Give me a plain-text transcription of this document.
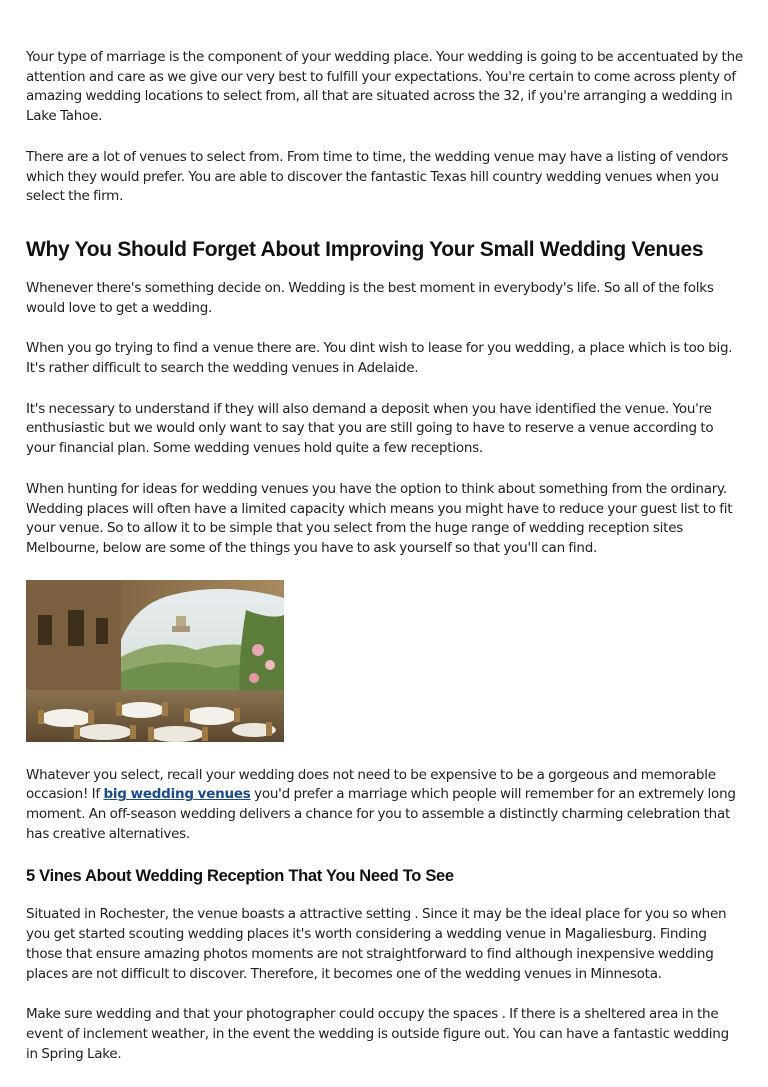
Your type of marriage is the component of your wedding place. Your wedding is going to be accentuated by the attention and care as we give our very best to fulfill your expectations. You're certain to come across plenty of amazing wedding locations to select from, all that are situated across the 32, if you're arranging a wedding in Lake Tahoe.

There are a lot of venues to select from. From time to time, the wedding venue may have a listing of vendors which they would prefer. You are able to discover the fantastic Texas hill country wedding venues when you select the firm.

Why You Should Forget About Improving Your Small Wedding Venues

Whenever there's something decide on. Wedding is the best moment in everybody's life. So all of the folks would love to get a wedding.

When you go trying to find a venue there are. You dint wish to lease for you wedding, a place which is too big. It's rather difficult to search the wedding venues in Adelaide.

It's necessary to understand if they will also demand a deposit when you have identified the venue. You're enthusiastic but we would only want to say that you are still going to have to reserve a venue according to your financial plan. Some wedding venues hold quite a few receptions.

When hunting for ideas for wedding venues you have the option to think about something from the ordinary. Wedding places will often have a limited capacity which means you might have to reduce your guest list to fit your venue. So to allow it to be simple that you select from the huge range of wedding reception sites Melbourne, below are some of the things you have to ask yourself so that you'll can find.

Whatever you select, recall your wedding does not need to be expensive to be a gorgeous and memorable occasion! If big wedding venues you'd prefer a marriage which people will remember for an extremely long moment. An off-season wedding delivers a chance for you to assemble a distinctly charming celebration that has creative alternatives.

5 Vines About Wedding Reception That You Need To See

Situated in Rochester, the venue boasts a attractive setting . Since it may be the ideal place for you so when you get started scouting wedding places it's worth considering a wedding venue in Magaliesburg. Finding those that ensure amazing photos moments are not straightforward to find although inexpensive wedding places are not difficult to discover. Therefore, it becomes one of the wedding venues in Minnesota.

Make sure wedding and that your photographer could occupy the spaces . If there is a sheltered area in the event of inclement weather, in the event the wedding is outside figure out. You can have a fantastic wedding in Spring Lake.
